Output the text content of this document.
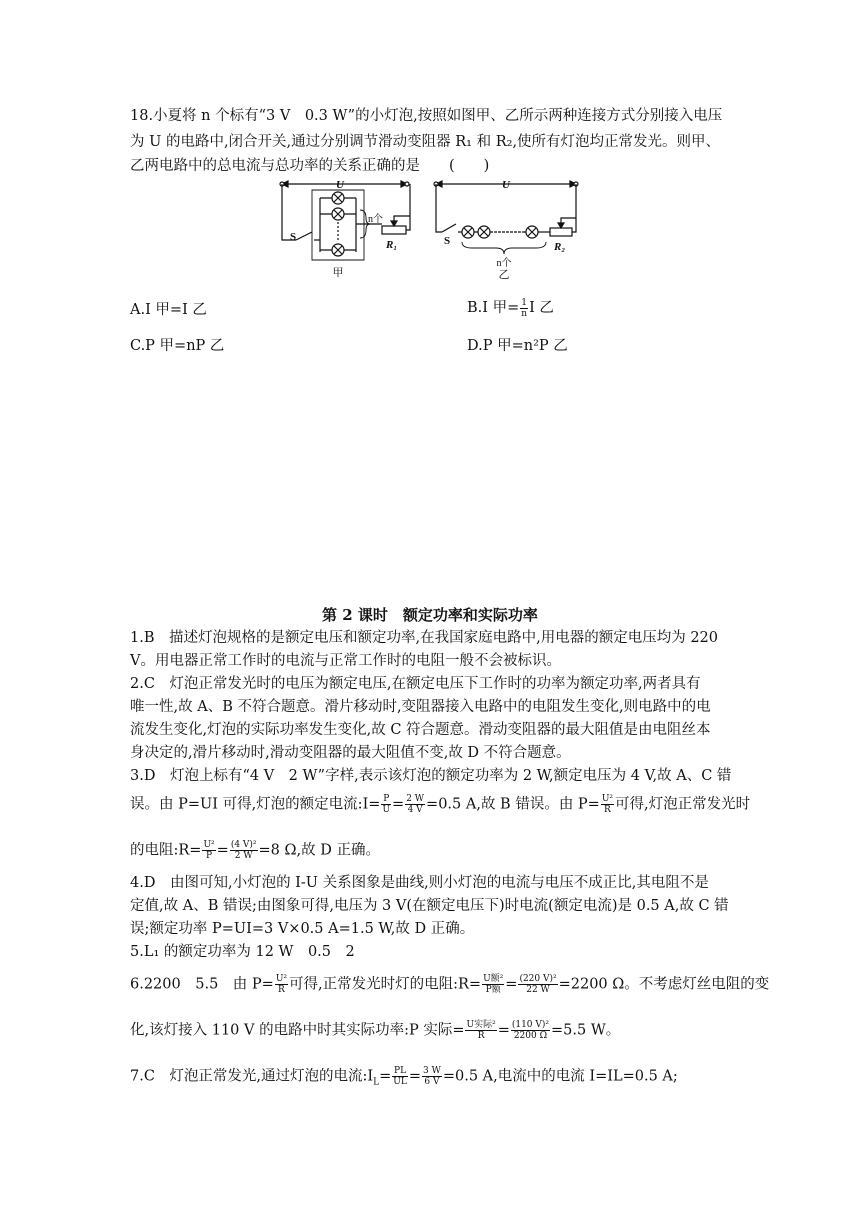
18.小夏将 n 个标有“3 V　0.3 W”的小灯泡,按照如图甲、乙所示两种连接方式分别接入电压
为 U 的电路中,闭合开关,通过分别调节滑动变阻器 R₁ 和 R₂,使所有灯泡均正常发光。则甲、
乙两电路中的总电流与总功率的关系正确的是　　(　　)
U
S
n个
R₁
甲
U
S
n个
R₂
乙
A.I 甲=I 乙	B.I 甲= $\frac{1}{n}$ I 乙
C.P 甲=nP 乙	D.P 甲=n²P 乙
第 2 课时　额定功率和实际功率
1.B　描述灯泡规格的是额定电压和额定功率,在我国家庭电路中,用电器的额定电压均为 220
V。用电器正常工作时的电流与正常工作时的电阻一般不会被标识。
2.C　灯泡正常发光时的电压为额定电压,在额定电压下工作时的功率为额定功率,两者具有
唯一性,故 A、B 不符合题意。滑片移动时,变阻器接入电路中的电阻发生变化,则电路中的电
流发生变化,灯泡的实际功率发生变化,故 C 符合题意。滑动变阻器的最大阻值是由电阻丝本
身决定的,滑片移动时,滑动变阻器的最大阻值不变,故 D 不符合题意。
3.D　灯泡上标有“4 V　2 W”字样,表示该灯泡的额定功率为 2 W,额定电压为 4 V,故 A、C 错
误。由 P=UI 可得,灯泡的额定电流:I= $\frac{P}{U} = \frac{2 W}{4 V} =0.5$ A,故 B 错误。由 $P= \frac{\text{U²}}{R}$ 可得,灯泡正常发光时
的电阻:R= $\frac{\text{U²}}{P} = \frac{\text{(4 V)²}}{2 W} =8$ Ω,故 D 正确。
4.D　由图可知,小灯泡的 I-U 关系图象是曲线,则小灯泡的电流与电压不成正比,其电阻不是
定值,故 A、B 错误;由图象可得,电压为 3 V(在额定电压下)时电流(额定电流)是 0.5 A,故 C 错
误;额定功率 P=UI=3 V×0.5 A=1.5 W,故 D 正确。
5.L₁ 的额定功率为 12 W　0.5　2
6.2200　5.5　由 $P= \frac{\text{U²}}{R}$ 可得,正常发光时灯的电阻:R= $\frac{\text{U额²}}{\text{P额}} = \frac{\text{(220 V)²}}{22 W} =2200$ Ω。不考虑灯丝电阻的变
化,该灯接入 110 V 的电路中时其实际功率:P 实际= $\frac{\text{U实际²}}{R} = \frac{\text{(110 V)²}}{2200 \Omega} =5.5$ W。
7.C　灯泡正常发光,通过灯泡的电流$:I_L= \frac{PL}{UL} = \frac{3 W}{6 V} =0.5$ A,电流中的电流 I=IL=0.5 A;
